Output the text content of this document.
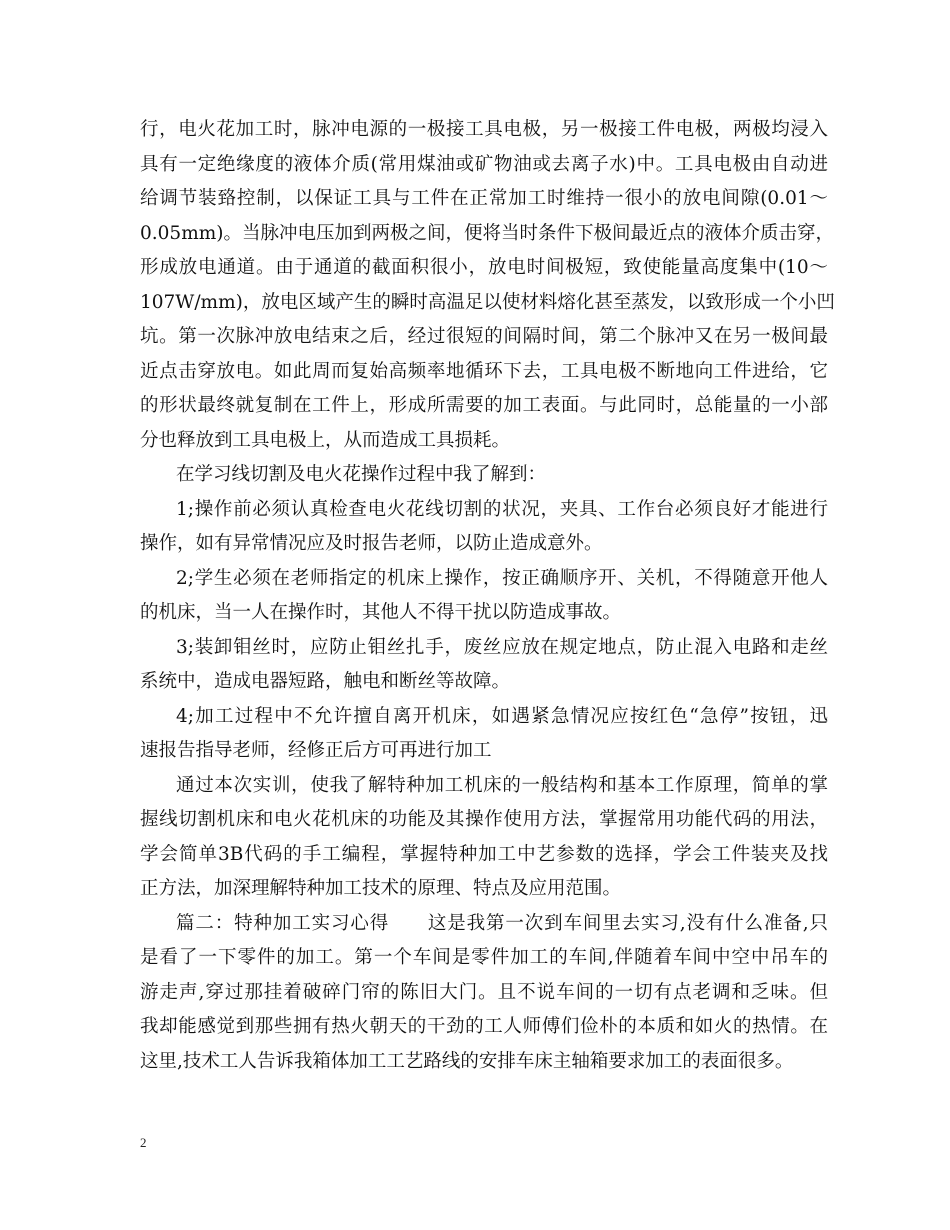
行，电火花加工时，脉冲电源的一极接工具电极，另一极接工件电极，两极均浸入
具有一定绝缘度的液体介质(常用煤油或矿物油或去离子水)中。工具电极由自动进
给调节装臵控制，以保证工具与工件在正常加工时维持一很小的放电间隙(0.01～
0.05mm)。当脉冲电压加到两极之间，便将当时条件下极间最近点的液体介质击穿，
形成放电通道。由于通道的截面积很小，放电时间极短，致使能量高度集中(10～
107W/mm)，放电区域产生的瞬时高温足以使材料熔化甚至蒸发，以致形成一个小凹
坑。第一次脉冲放电结束之后，经过很短的间隔时间，第二个脉冲又在另一极间最
近点击穿放电。如此周而复始高频率地循环下去，工具电极不断地向工件进给，它
的形状最终就复制在工件上，形成所需要的加工表面。与此同时，总能量的一小部
分也释放到工具电极上，从而造成工具损耗。
在学习线切割及电火花操作过程中我了解到：
1;操作前必须认真检查电火花线切割的状况，夹具、工作台必须良好才能进行
操作，如有异常情况应及时报告老师，以防止造成意外。
2;学生必须在老师指定的机床上操作，按正确顺序开、关机，不得随意开他人
的机床，当一人在操作时，其他人不得干扰以防造成事故。
3;装卸钼丝时，应防止钼丝扎手，废丝应放在规定地点，防止混入电路和走丝
系统中，造成电器短路，触电和断丝等故障。
4;加工过程中不允许擅自离开机床，如遇紧急情况应按红色“急停”按钮，迅
速报告指导老师，经修正后方可再进行加工
通过本次实训，使我了解特种加工机床的一般结构和基本工作原理，简单的掌
握线切割机床和电火花机床的功能及其操作使用方法，掌握常用功能代码的用法，
学会简单3B代码的手工编程，掌握特种加工中艺参数的选择，学会工件装夹及找
正方法，加深理解特种加工技术的原理、特点及应用范围。
篇二：特种加工实习心得　　这是我第一次到车间里去实习,没有什么准备,只
是看了一下零件的加工。第一个车间是零件加工的车间,伴随着车间中空中吊车的
游走声,穿过那挂着破碎门帘的陈旧大门。且不说车间的一切有点老调和乏味。但
我却能感觉到那些拥有热火朝天的干劲的工人师傅们俭朴的本质和如火的热情。在
这里,技术工人告诉我箱体加工工艺路线的安排车床主轴箱要求加工的表面很多。
2
